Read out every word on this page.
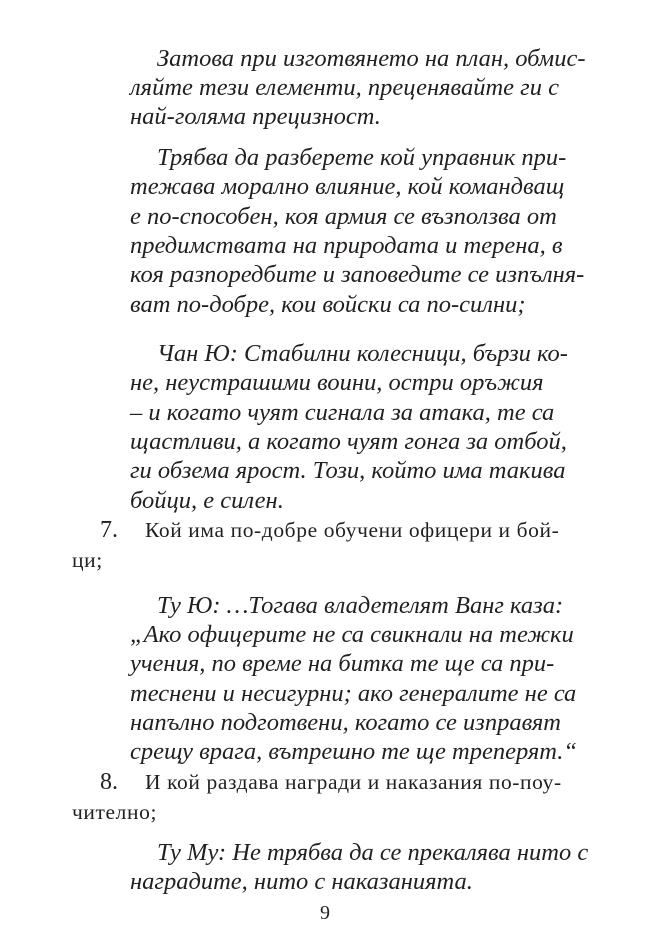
Затова при изготвянето на план, обмис-
ляйте тези елементи, преценявайте ги с
най-голяма прецизност.
Трябва да разберете кой управник при-
тежава морално влияние, кой командващ
е по-способен, коя армия се възползва от
предимствата на природата и терена, в
коя разпоредбите и заповедите се изпълня-
ват по-добре, кои войски са по-силни;
Чан Ю: Стабилни колесници, бързи ко-
не, неустрашими воини, остри оръжия
– и когато чуят сигнала за атака, те са
щастливи, а когато чуят гонга за отбой,
ги обзема ярост. Този, който има такива
бойци, е силен.
7. Кой има по-добре обучени офицери и бой-
ци;
Ту Ю: …Тогава владетелят Ванг каза:
„Ако офицерите не са свикнали на тежки
учения, по време на битка те ще са при-
теснени и несигурни; ако генералите не са
напълно подготвени, когато се изправят
срещу врага, вътрешно те ще треперят.“
8. И кой раздава награди и наказания по-поу-
чително;
Ту Му: Не трябва да се прекалява нито с
наградите, нито с наказанията.
9
